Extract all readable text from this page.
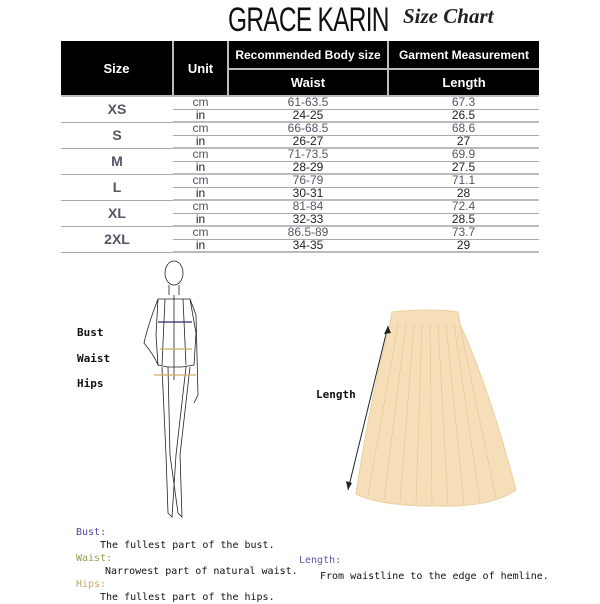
GRACE KARIN Size Chart
Size	Unit	Recommended Body size	Garment Measurement
		Waist	Length
XS	cm	61-63.5	67.3
	in	24-25	26.5
S	cm	66-68.5	68.6
	in	26-27	27
M	cm	71-73.5	69.9
	in	28-29	27.5
L	cm	76-79	71.1
	in	30-31	28
XL	cm	81-84	72.4
	in	32-33	28.5
2XL	cm	86.5-89	73.7
	in	34-35	29
Bust
Waist
Hips
Length
Bust:
The fullest part of the bust.
Waist:
Narrowest part of natural waist.
Hips:
The fullest part of the hips.
Length:
From waistline to the edge of hemline.
